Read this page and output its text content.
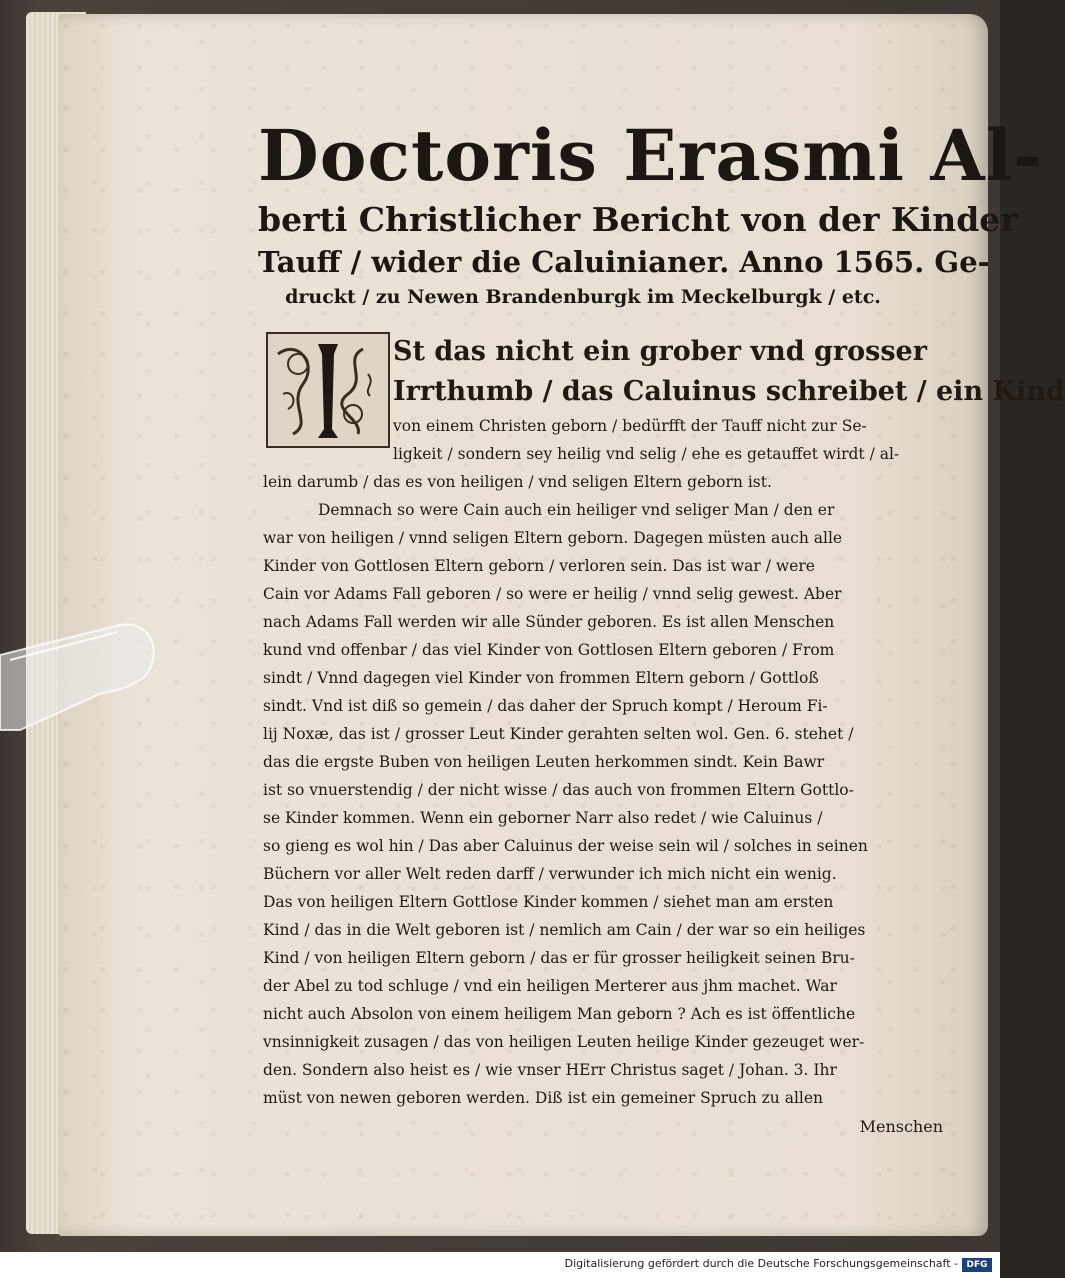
Doctoris Erasmi Al-
berti Christlicher Bericht von der Kinder
Tauff / wider die Caluinianer. Anno 1565. Ge-
druckt / zu Newen Brandenburgk im Meckelburgk / etc.
St das nicht ein grober vnd grosser
Irrthumb / das Caluinus schreibet / ein Kind
von einem Christen geborn / bedürfft der Tauff nicht zur Se-
ligkeit / sondern sey heilig vnd selig / ehe es getauffet wirdt / al-
lein darumb / das es von heiligen / vnd seligen Eltern geborn ist.
Demnach so were Cain auch ein heiliger vnd seliger Man / den er
war von heiligen / vnnd seligen Eltern geborn. Dagegen müsten auch alle
Kinder von Gottlosen Eltern geborn / verloren sein. Das ist war / were
Cain vor Adams Fall geboren / so were er heilig / vnnd selig gewest. Aber
nach Adams Fall werden wir alle Sünder geboren. Es ist allen Menschen
kund vnd offenbar / das viel Kinder von Gottlosen Eltern geboren / From
sindt / Vnnd dagegen viel Kinder von frommen Eltern geborn / Gottloß
sindt. Vnd ist diß so gemein / das daher der Spruch kompt / Heroum Fi-
lij Noxæ, das ist / grosser Leut Kinder gerahten selten wol. Gen. 6. stehet /
das die ergste Buben von heiligen Leuten herkommen sindt. Kein Bawr
ist so vnuerstendig / der nicht wisse / das auch von frommen Eltern Gottlo-
se Kinder kommen. Wenn ein geborner Narr also redet / wie Caluinus /
so gieng es wol hin / Das aber Caluinus der weise sein wil / solches in seinen
Büchern vor aller Welt reden darff / verwunder ich mich nicht ein wenig.
Das von heiligen Eltern Gottlose Kinder kommen / siehet man am ersten
Kind / das in die Welt geboren ist / nemlich am Cain / der war so ein heiliges
Kind / von heiligen Eltern geborn / das er für grosser heiligkeit seinen Bru-
der Abel zu tod schluge / vnd ein heiligen Merterer aus jhm machet. War
nicht auch Absolon von einem heiligem Man geborn ? Ach es ist öffentliche
vnsinnigkeit zusagen / das von heiligen Leuten heilige Kinder gezeuget wer-
den. Sondern also heist es / wie vnser HErr Christus saget / Johan. 3. Ihr
müst von newen geboren werden. Diß ist ein gemeiner Spruch zu allen
Menschen
Digitalisierung gefördert durch die Deutsche Forschungsgemeinschaft - DFG
